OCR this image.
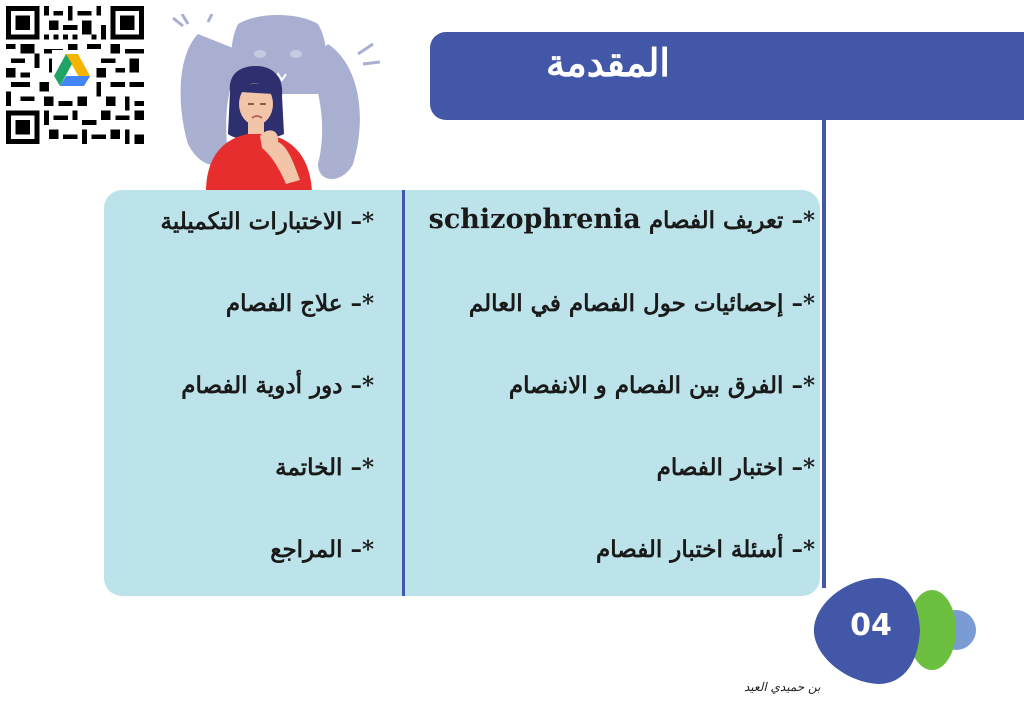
المقدمة
*– تعريف الفصام schizophrenia
*– إحصائيات حول الفصام في العالم
*– الفرق بين الفصام و الانفصام
*– اختبار الفصام
*– أسئلة اختبار الفصام
*– الاختبارات التكميلية
*– علاج الفصام
*– دور أدوية الفصام
*– الخاتمة
*– المراجع
04
بن حميدي العيد
